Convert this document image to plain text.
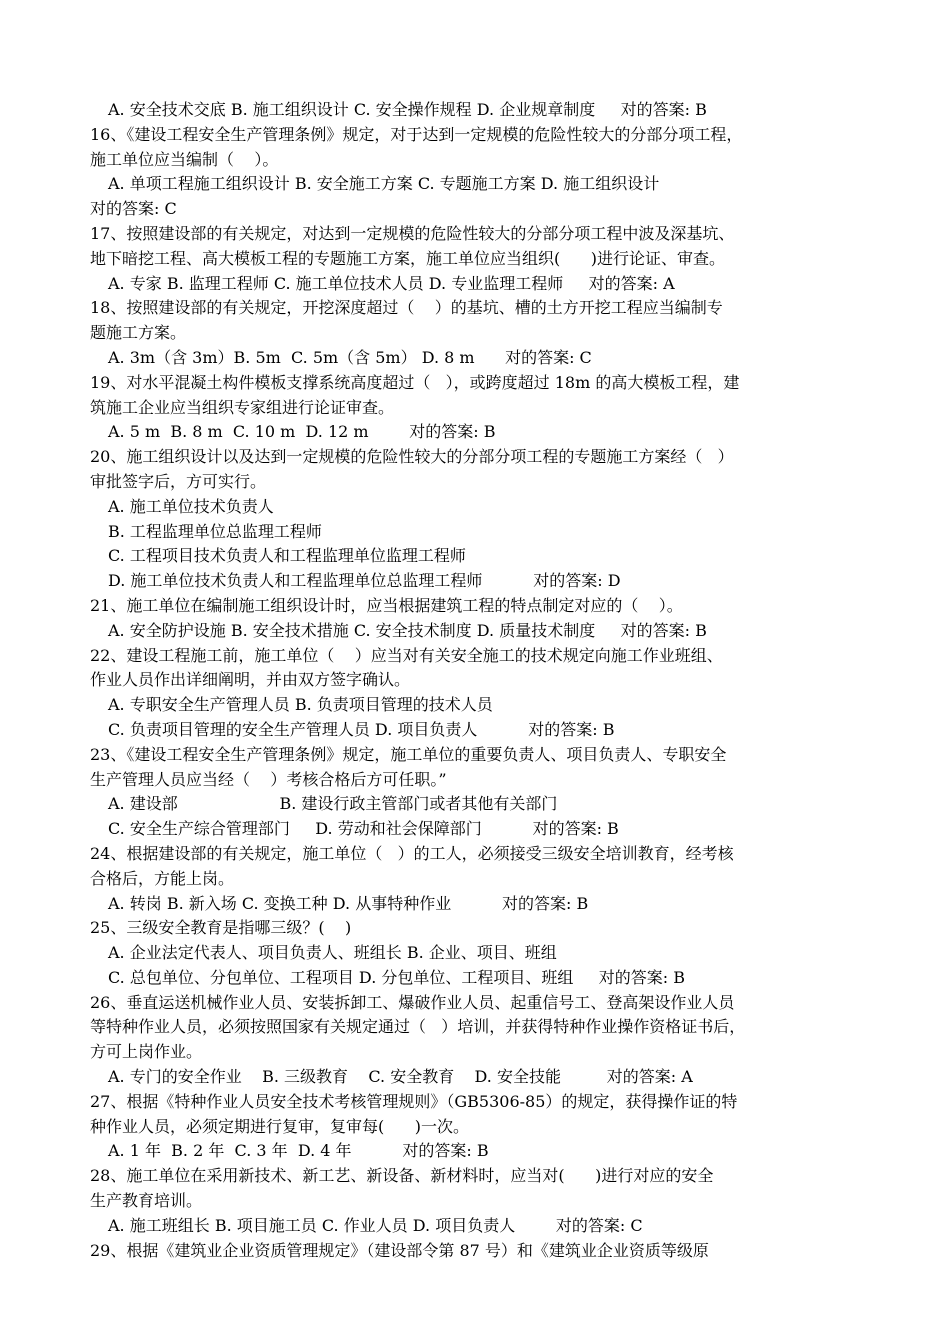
A. 安全技术交底 B. 施工组织设计 C. 安全操作规程 D. 企业规章制度     对的答案: B
16、《建设工程安全生产管理条例》规定，对于达到一定规模的危险性较大的分部分项工程，
施工单位应当编制（    ）。
A. 单项工程施工组织设计 B. 安全施工方案 C. 专题施工方案 D. 施工组织设计
对的答案: C
17、按照建设部的有关规定，对达到一定规模的危险性较大的分部分项工程中波及深基坑、
地下暗挖工程、高大模板工程的专题施工方案，施工单位应当组织(      )进行论证、审查。
A. 专家 B. 监理工程师 C. 施工单位技术人员 D. 专业监理工程师     对的答案: A
18、按照建设部的有关规定，开挖深度超过（    ）的基坑、槽的土方开挖工程应当编制专
题施工方案。
A. 3m（含 3m）B. 5m  C. 5m（含 5m） D. 8 m      对的答案: C
19、对水平混凝土构件模板支撑系统高度超过（   ），或跨度超过 18m 的高大模板工程，建
筑施工企业应当组织专家组进行论证审查。
A. 5 m  B. 8 m  C. 10 m  D. 12 m        对的答案: B
20、施工组织设计以及达到一定规模的危险性较大的分部分项工程的专题施工方案经（   ）
审批签字后，方可实行。
A. 施工单位技术负责人
B. 工程监理单位总监理工程师
C. 工程项目技术负责人和工程监理单位监理工程师
D. 施工单位技术负责人和工程监理单位总监理工程师          对的答案: D
21、施工单位在编制施工组织设计时，应当根据建筑工程的特点制定对应的（    ）。
A. 安全防护设施 B. 安全技术措施 C. 安全技术制度 D. 质量技术制度     对的答案: B
22、建设工程施工前，施工单位（    ）应当对有关安全施工的技术规定向施工作业班组、
作业人员作出详细阐明，并由双方签字确认。
A. 专职安全生产管理人员 B. 负责项目管理的技术人员
C. 负责项目管理的安全生产管理人员 D. 项目负责人          对的答案: B
23、《建设工程安全生产管理条例》规定，施工单位的重要负责人、项目负责人、专职安全
生产管理人员应当经（    ）考核合格后方可任职。”
A. 建设部                    B. 建设行政主管部门或者其他有关部门
C. 安全生产综合管理部门     D. 劳动和社会保障部门          对的答案: B
24、根据建设部的有关规定，施工单位（   ）的工人，必须接受三级安全培训教育，经考核
合格后，方能上岗。
A. 转岗 B. 新入场 C. 变换工种 D. 从事特种作业          对的答案: B
25、三级安全教育是指哪三级？(    )
A. 企业法定代表人、项目负责人、班组长 B. 企业、项目、班组
C. 总包单位、分包单位、工程项目 D. 分包单位、工程项目、班组     对的答案: B
26、垂直运送机械作业人员、安装拆卸工、爆破作业人员、起重信号工、登高架设作业人员
等特种作业人员，必须按照国家有关规定通过（   ）培训，并获得特种作业操作资格证书后，
方可上岗作业。
A. 专门的安全作业    B. 三级教育    C. 安全教育    D. 安全技能         对的答案: A
27、根据《特种作业人员安全技术考核管理规则》（GB5306-85）的规定，获得操作证的特
种作业人员，必须定期进行复审，复审每(      )一次。
A. 1 年  B. 2 年  C. 3 年  D. 4 年          对的答案: B
28、施工单位在采用新技术、新工艺、新设备、新材料时，应当对(      )进行对应的安全
生产教育培训。
A. 施工班组长 B. 项目施工员 C. 作业人员 D. 项目负责人        对的答案: C
29、根据《建筑业企业资质管理规定》（建设部令第 87 号）和《建筑业企业资质等级原
